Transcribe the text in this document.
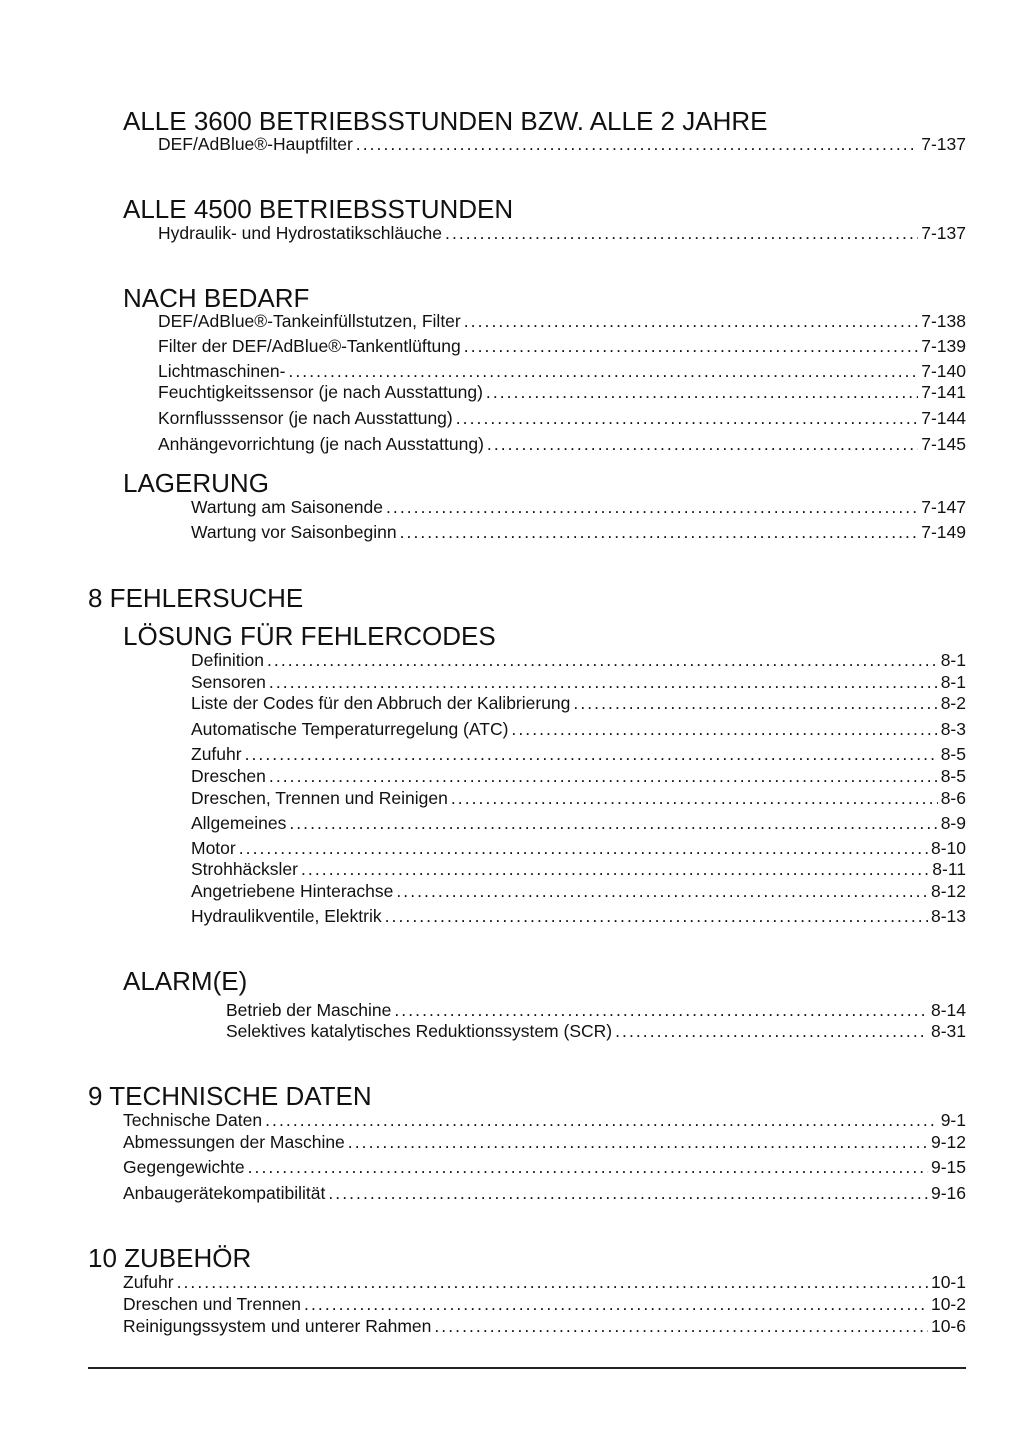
ALLE 3600 BETRIEBSSTUNDEN BZW. ALLE 2 JAHRE
DEF/AdBlue®-Hauptfilter . . .	7-137
ALLE 4500 BETRIEBSSTUNDEN
Hydraulik- und Hydrostatikschläuche . . .	7-137
NACH BEDARF
DEF/AdBlue®-Tankeinfüllstutzen, Filter . . .	7-138
Filter der DEF/AdBlue®-Tankentlüftung . . .	7-139
Lichtmaschinen- . . .	7-140
Feuchtigkeitssensor (je nach Ausstattung) . . .	7-141
Kornflusssensor (je nach Ausstattung) . . .	7-144
Anhängevorrichtung (je nach Ausstattung) . . .	7-145
LAGERUNG
Wartung am Saisonende . . .	7-147
Wartung vor Saisonbeginn . . .	7-149
8 FEHLERSUCHE
LÖSUNG FÜR FEHLERCODES
Definition . . .	8-1
Sensoren . . .	8-1
Liste der Codes für den Abbruch der Kalibrierung . . .	8-2
Automatische Temperaturregelung (ATC) . . .	8-3
Zufuhr . . .	8-5
Dreschen . . .	8-5
Dreschen, Trennen und Reinigen . . .	8-6
Allgemeines . . .	8-9
Motor . . .	8-10
Strohhäcksler . . .	8-11
Angetriebene Hinterachse . . .	8-12
Hydraulikventile, Elektrik . . .	8-13
ALARM(E)
Betrieb der Maschine . . .	8-14
Selektives katalytisches Reduktionssystem (SCR) . . .	8-31
9 TECHNISCHE DATEN
Technische Daten . . .	9-1
Abmessungen der Maschine . . .	9-12
Gegengewichte . . .	9-15
Anbaugerätekompatibilität . . .	9-16
10 ZUBEHÖR
Zufuhr . . .	10-1
Dreschen und Trennen . . .	10-2
Reinigungssystem und unterer Rahmen . . .	10-6
